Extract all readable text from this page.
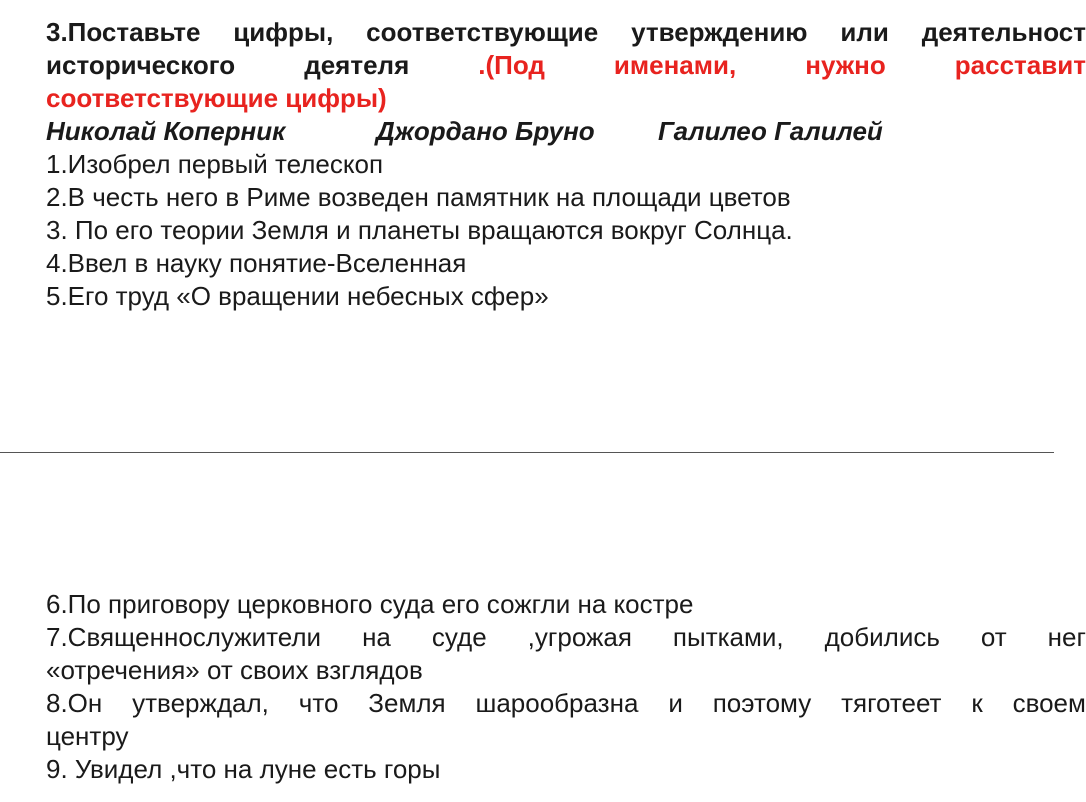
3.Поставьте цифры, соответствующие утверждению или деятельност
исторического	деятеля	.(Под	именами,	нужно	расставит
соответствующие цифры)
Николай Коперник	Джордано Бруно	Галилео Галилей
1.Изобрел первый телескоп
2.В честь него в Риме возведен памятник на площади цветов
3. По его теории Земля и планеты вращаются вокруг Солнца.
4.Ввел в науку понятие-Вселенная
5.Его труд «О вращении небесных сфер»
6.По приговору церковного суда его сожгли на костре
7.Священнослужители на суде ,угрожая пытками, добились от нег
«отречения» от своих взглядов
8.Он утверждал, что Земля шарообразна и поэтому тяготеет к своем
центру
9. Увидел ,что на луне есть горы
